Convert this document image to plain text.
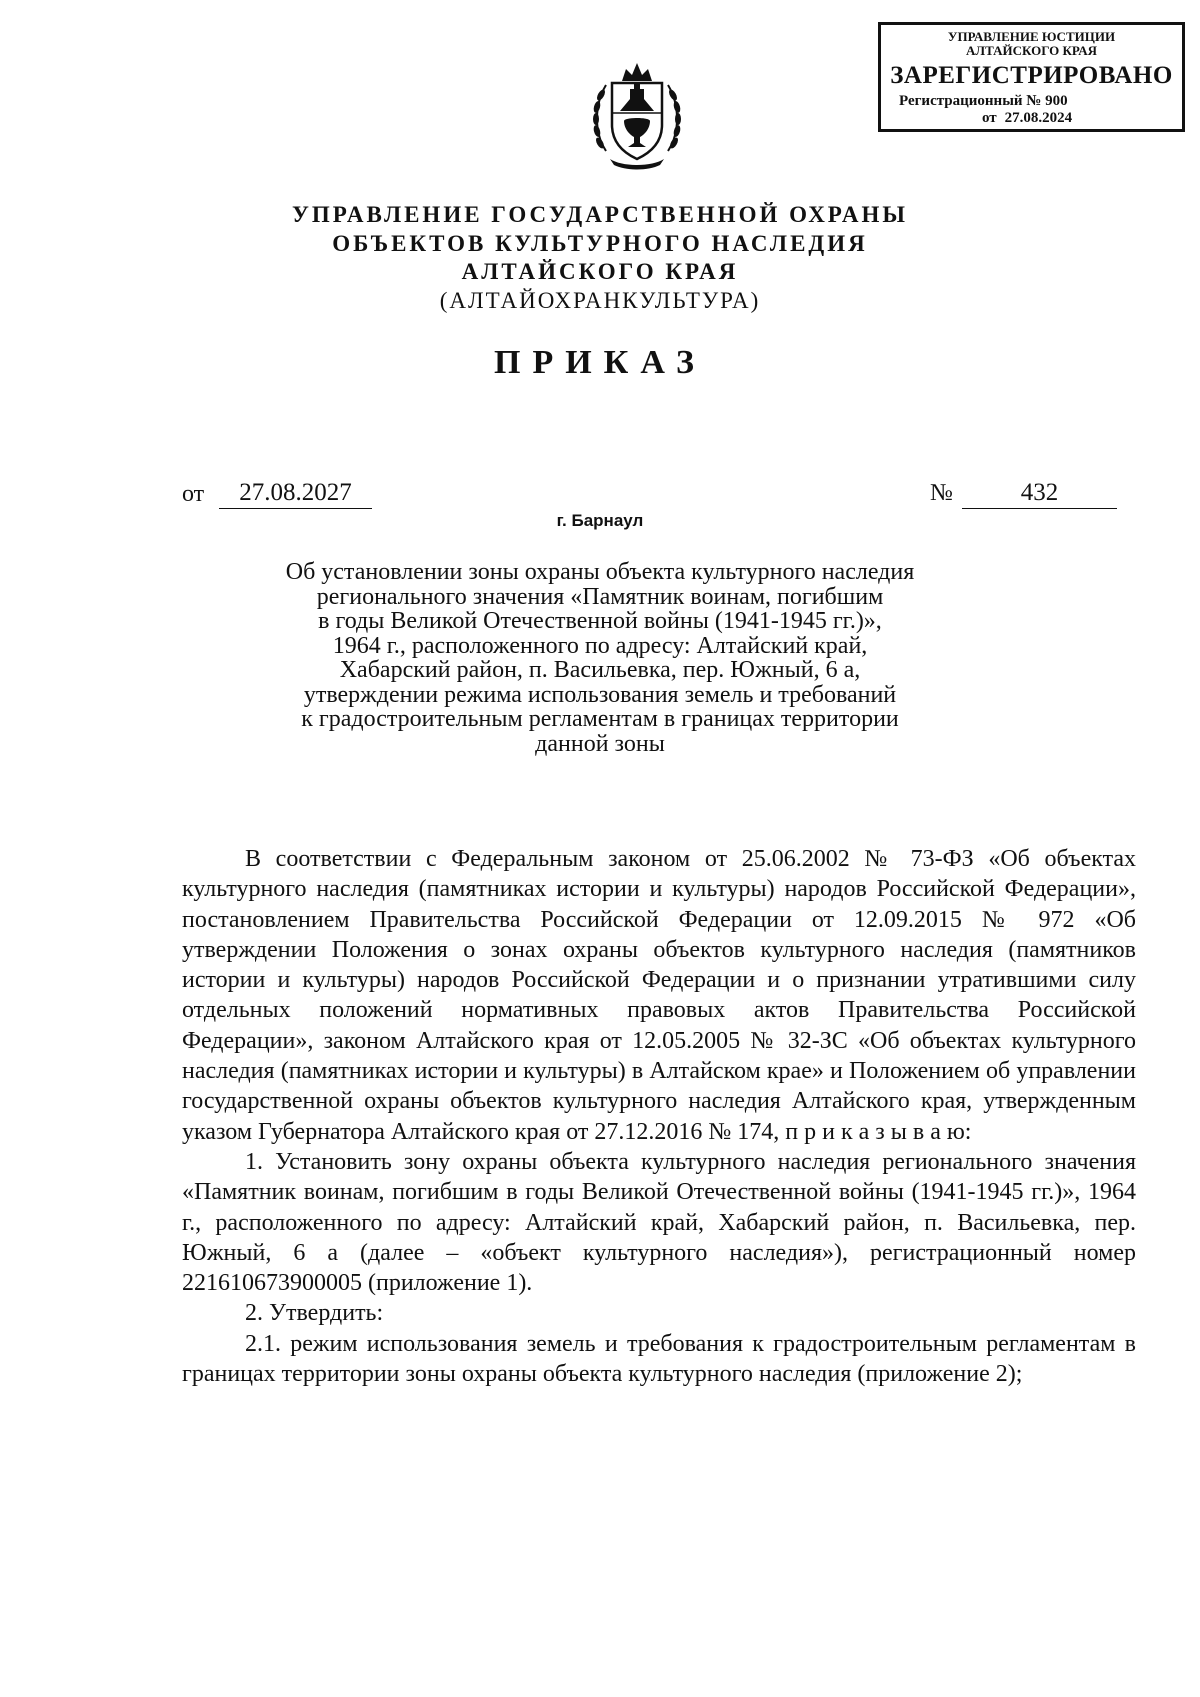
УПРАВЛЕНИЕ ЮСТИЦИИ
АЛТАЙСКОГО КРАЯ
ЗАРЕГИСТРИРОВАНО
Регистрационный № 900
от 27.08.2024
УПРАВЛЕНИЕ ГОСУДАРСТВЕННОЙ ОХРАНЫ
ОБЪЕКТОВ КУЛЬТУРНОГО НАСЛЕДИЯ
АЛТАЙСКОГО КРАЯ
(АЛТАЙОХРАНКУЛЬТУРА)
ПРИКАЗ
от	27.08.2027	№	432
г. Барнаул
Об установлении зоны охраны объекта культурного наследия
регионального значения «Памятник воинам, погибшим
в годы Великой Отечественной войны (1941-1945 гг.)»,
1964 г., расположенного по адресу: Алтайский край,
Хабарский район, п. Васильевка, пер. Южный, 6 а,
утверждении режима использования земель и требований
к градостроительным регламентам в границах территории
данной зоны

В соответствии с Федеральным законом от 25.06.2002 № 73-ФЗ «Об объектах культурного наследия (памятниках истории и культуры) народов Российской Федерации», постановлением Правительства Российской Федерации от 12.09.2015 № 972 «Об утверждении Положения о зонах охраны объектов культурного наследия (памятников истории и культуры) народов Российской Федерации и о признании утратившими силу отдельных положений нормативных правовых актов Правительства Российской Федерации», законом Алтайского края от 12.05.2005 № 32-ЗС «Об объектах культурного наследия (памятниках истории и культуры) в Алтайском крае» и Положением об управлении государственной охраны объектов культурного наследия Алтайского края, утвержденным указом Губернатора Алтайского края от 27.12.2016 № 174, п р и к а з ы в а ю:

1. Установить зону охраны объекта культурного наследия регионального значения «Памятник воинам, погибшим в годы Великой Отечественной войны (1941-1945 гг.)», 1964 г., расположенного по адресу: Алтайский край, Хабарский район, п. Васильевка, пер. Южный, 6 а (далее – «объект культурного наследия»), регистрационный номер 221610673900005 (приложение 1).

2. Утвердить:

2.1. режим использования земель и требования к градостроительным регламентам в границах территории зоны охраны объекта культурного наследия (приложение 2);
